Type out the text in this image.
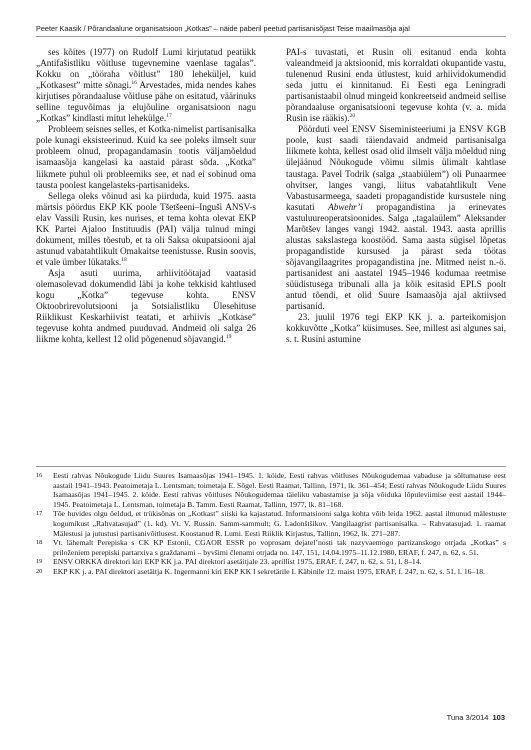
Peeter Kaasik / Põrandaalune organisatsioon „Kotkas” – näide paberil peetud partisanisõjast Teise maailmasõja ajal

ses kõites (1977) on Rudolf Lumi kirjutatud peatükk „Antifašistliku võitluse tugevnemine vaenlase tagalas”. Kokku on „tööraha võitlust” 180 leheküljel, kuid „Kotkasest” mitte sõnagi.$^{16}$ Arvestades, mida nendes kahes kirjutises põrandaaluse võitluse pähe on esitatud, väärinuks selline teguvõimas ja elujõuline organisatsioon nagu „Kotkas” kindlasti mitut lehekülge.$^{17}$

Probleem seisnes selles, et Kotka-nimelist partisanisalka pole kunagi eksisteerinud. Kuid ka see poleks ilmselt suur probleem olnud, propagandamasin tootis väljamõeldud isamaasõja kangelasi ka aastaid pärast sõda. „Kotka” liikmete puhul oli probleemiks see, et nad ei sobinud oma tausta poolest kangelasteks-partisanideks.

Sellega oleks võinud asi ka piirduda, kuid 1975. aasta märtsis pöördus EKP KK poole Tšetšeeni–Inguši ANSV-s elav Vassili Rusin, kes nurises, et tema kohta olevat EKP KK Partei Ajaloo Instituudis (PAI) välja tulnud mingi dokument, milles tõestub, et ta oli Saksa okupatsiooni ajal astunud vabatahtlikult Omakaitse teenistusse. Rusin soovis, et vale ümber lükataks.$^{18}$

Asja asuti uurima, arhiivitöötajad vaatasid olemasolevad dokumendid läbi ja kohe tekkisid kahtlused kogu „Kotka” tegevuse kohta. ENSV Oktoobrirevolutsiooni ja Sotsialistliku Ülesehituse Riiklikust Keskarhiivist teatati, et arhiivis „Kotkase” tegevuse kohta andmed puuduvad. Andmeid oli salga 26 liikme kohta, kellest 12 olid põgenenud sõjavangid.$^{19}$

PAI-s tuvastati, et Rusin oli esitanud enda kohta valeandmeid ja aktsioonid, mis korraldati okupantide vastu, tulenenud Rusini enda ütlustest, kuid arhiividokumendid seda juttu ei kinnitanud. Ei Eesti ega Leningradi partisanistaabil olnud mingeid konkreetseid andmeid sellise põrandaaluse organisatsiooni tegevuse kohta (v. a. mida Rusin ise rääkis).$^{20}$

Pöörduti veel ENSV Siseministeeriumi ja ENSV KGB poole, kust saadi täiendavaid andmeid partisanisalga liikmete kohta, kellest osad olid ilmselt välja mõeldud ning ülejäänud Nõukogude võimu silmis ülimalt kahtlase taustaga. Pavel Todrik (salga „staabiülem”) oli Punaarmee ohvitser, langes vangi, liitus vabatahtlikult Vene Vabastusarmeega, saadeti propagandistide kursustele ning kasutati Abwehr’i propagandistina ja erinevates vastuluureoperatsioonides. Salga „tagalaülem” Aleksander Marõtšev langes vangi 1942. aastal. 1943. aasta aprillis alustas sakslastega koostööd. Sama aasta sügisel lõpetas propagandistide kursused ja pärast seda töötas sõjavangilaagrites propagandistina jne. Mitmed neist n.-ö. partisanidest ani aastatel 1945–1946 kodumaa reetmise süüdistusega tribunali alla ja kõik esitasid EPLS poolt antud tõendi, et olid Suure Isamaasõja ajal aktiivsed partisanid.

23. juulil 1976 tegi EKP KK j. a. parteikomisjon kokkuvõtte „Kotka” küsimuses. See, millest asi algunes sai, s. t. Rusini astumine

16 Eesti rahvas Nõukogude Liidu Suures Isamaasõjas 1941–1945. 1. köide, Eesti rahvas võitluses Nõukogudemaa vabaduse ja sõltumatuse eest aastail 1941–1943. Peatoimetaja L. Lentsman, toimetaja E. Sõgel. Eesti Raamat, Tallinn, 1971, lk. 361–454; Eesti rahvas Nõukogude Liidu Suures Isamaasõjas 1941–1945. 2. köide. Eesti rahvas võitluses Nõukogudemaa täieliku vabastamise ja sõja võiduka lõpuleviimise eest aastail 1944–1945. Peatoimetaja L. Lentsman, toimetaja B. Tamm. Eesti Raamat, Tallinn, 1977, lk. 81–168.

17 Tõe huvides olgu öeldud, et trükisõnas on „Kotkast” siiski ka kajastatud. Informatsiooni salga kohta võib leida 1962. aastal ilmunud mälestuste kogumikust „Rahvatasujad” (1. kd). Vt. V. Russin. Samm-sammult; G. Ladonštšikov. Vangilaagrist partisanisalka. – Rahvatasujad. 1. raamat Mälestusi ja jutustusi partisanivõitlusest. Koostanud R. Lumi. Eesti Riiklik Kirjastus, Tallinn, 1962, lk. 271–287.

18 Vt. lähemalt Perepiska s CK KP Estonii, CGAOR ESSR po voprosam dejatel’nosti tak nazyvaemogo partizanskogo otrjada „Kotkas” s priloženiem perepiski partarxiva s graždanami – byvšimi členami otrjada no. 147, 151, 14.04.1975–11.12.1980, ERAF, f. 247, n. 62, s. 51.

19 ENSV ORKKA direktori kiri EKP KK j.a. PAI direktori asetäitjale 23. aprillist 1975, ERAF, f. 247, n. 62, s. 51, l. 8–14.

20 EKP KK j. a. PAI direktori asetäitja K. Ingermanni kiri EKP KK I sekretärile I. Käbinile 12. maist 1975, ERAF, f. 247, n. 62, s. 51, l. 16–18.

Tuna 3/2014 103
